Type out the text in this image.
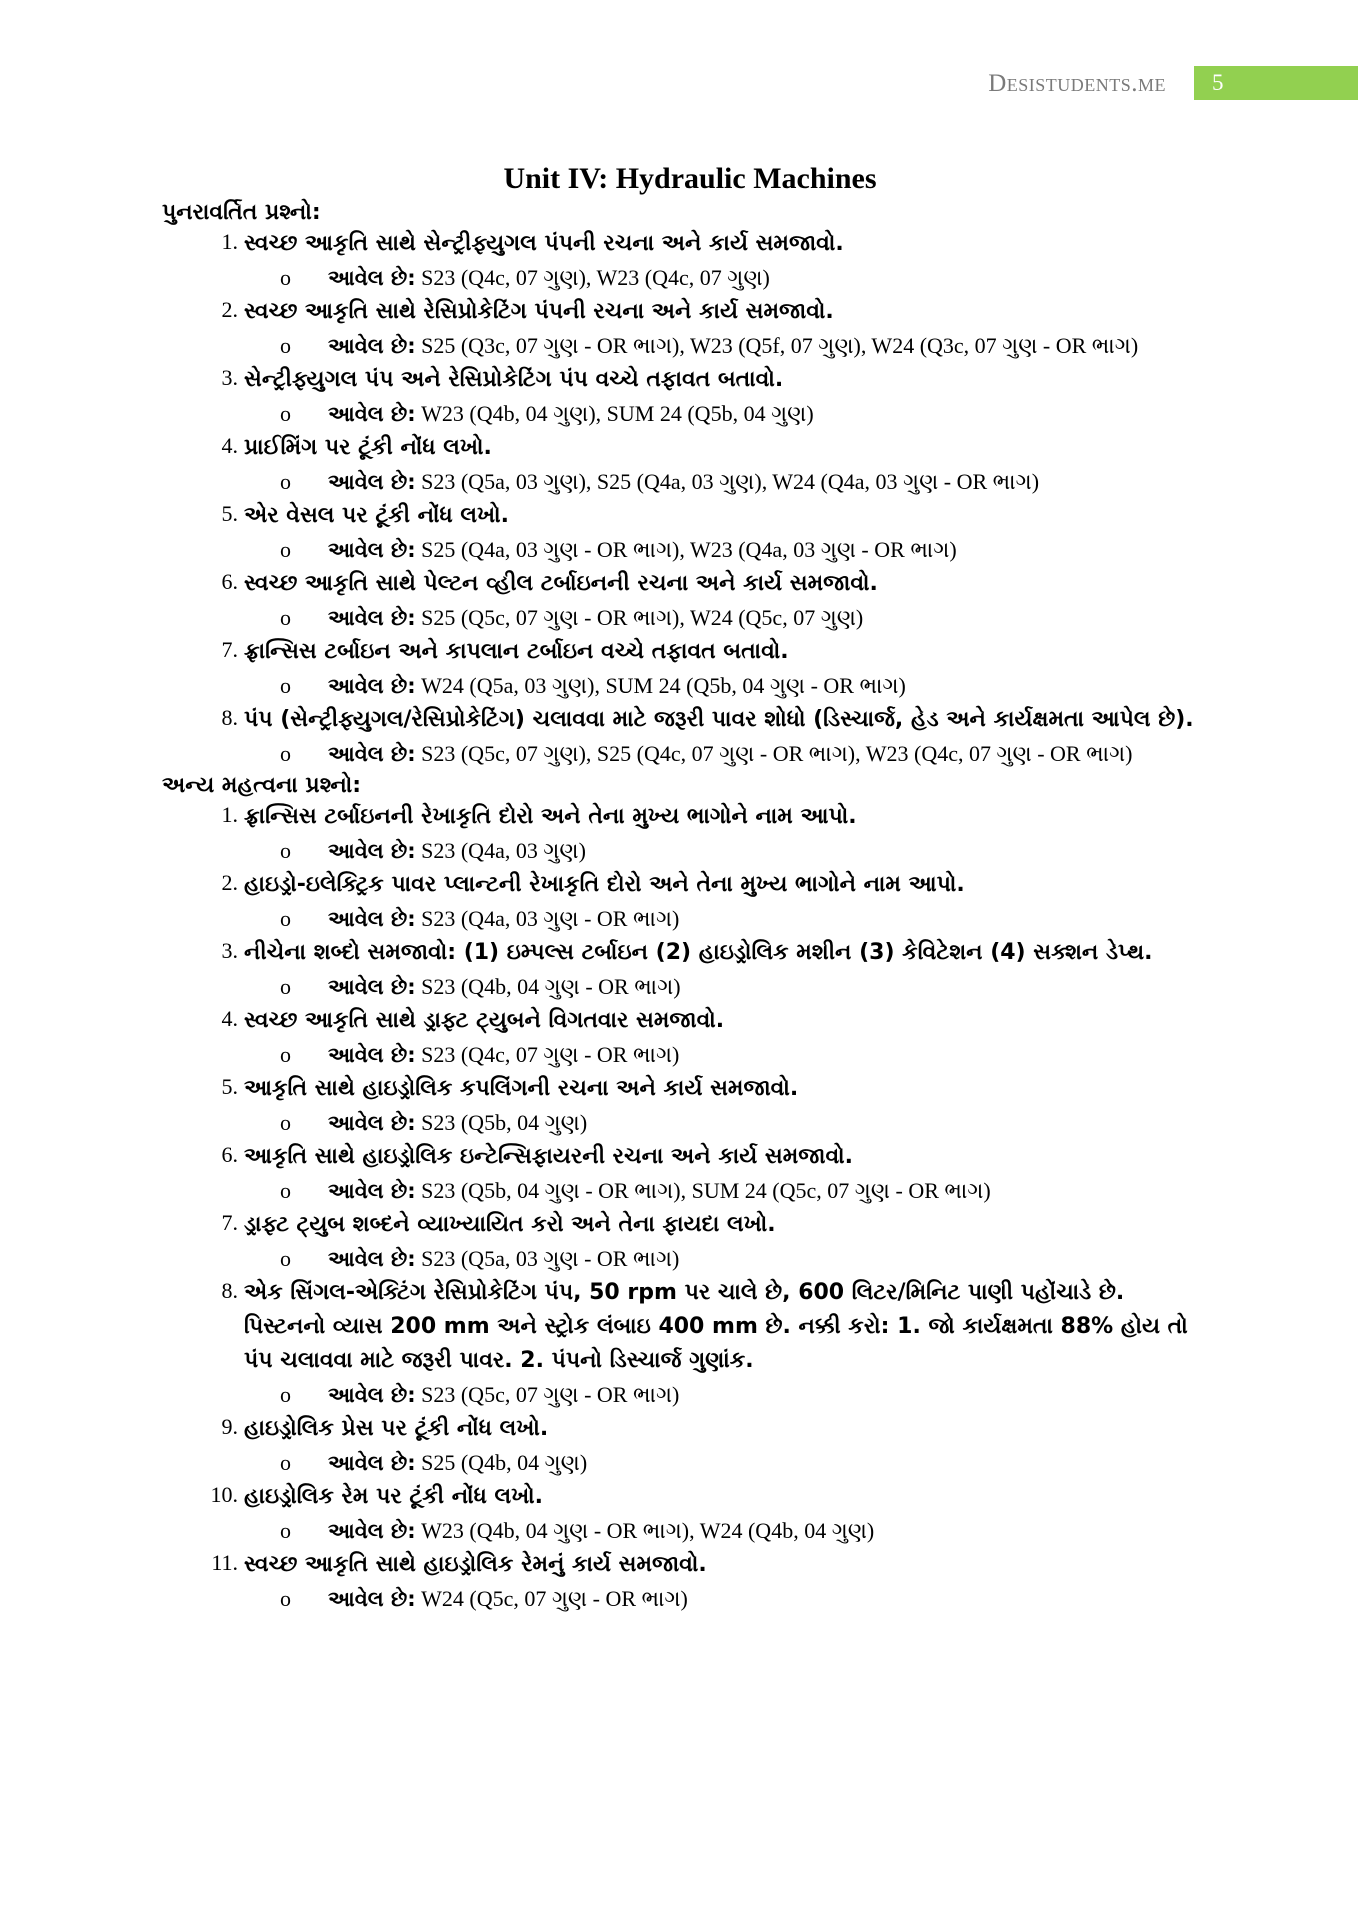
Desistudents.me	5
Unit IV: Hydraulic Machines
પુનરાવર્તિત પ્રશ્નો:
1. સ્વચ્છ આકૃતિ સાથે સેન્ટ્રીફ્યુગલ પંપની રચના અને કાર્ય સમજાવો.
o આવેલ છે: S23 (Q4c, 07 ગુણ), W23 (Q4c, 07 ગુણ)
2. સ્વચ્છ આકૃતિ સાથે રેસિપ્રોકેટિંગ પંપની રચના અને કાર્ય સમજાવો.
o આવેલ છે: S25 (Q3c, 07 ગુણ - OR ભાગ), W23 (Q5f, 07 ગુણ), W24 (Q3c, 07 ગુણ - OR ભાગ)
3. સેન્ટ્રીફ્યુગલ પંપ અને રેસિપ્રોકેટિંગ પંપ વચ્ચે તફાવત બતાવો.
o આવેલ છે: W23 (Q4b, 04 ગુણ), SUM 24 (Q5b, 04 ગુણ)
4. પ્રાઈમિંગ પર ટૂંકી નોંધ લખો.
o આવેલ છે: S23 (Q5a, 03 ગુણ), S25 (Q4a, 03 ગુણ), W24 (Q4a, 03 ગુણ - OR ભાગ)
5. એર વેસલ પર ટૂંકી નોંધ લખો.
o આવેલ છે: S25 (Q4a, 03 ગુણ - OR ભાગ), W23 (Q4a, 03 ગુણ - OR ભાગ)
6. સ્વચ્છ આકૃતિ સાથે પેલ્ટન વ્હીલ ટર્બાઇનની રચના અને કાર્ય સમજાવો.
o આવેલ છે: S25 (Q5c, 07 ગુણ - OR ભાગ), W24 (Q5c, 07 ગુણ)
7. ફ્રાન્સિસ ટર્બાઇન અને કાપલાન ટર્બાઇન વચ્ચે તફાવત બતાવો.
o આવેલ છે: W24 (Q5a, 03 ગુણ), SUM 24 (Q5b, 04 ગુણ - OR ભાગ)
8. પંપ (સેન્ટ્રીફ્યુગલ/રેસિપ્રોકેટિંગ) ચલાવવા માટે જરૂરી પાવર શોધો (ડિસ્ચાર્જ, હેડ અને કાર્યક્ષમતા આપેલ છે).
o આવેલ છે: S23 (Q5c, 07 ગુણ), S25 (Q4c, 07 ગુણ - OR ભાગ), W23 (Q4c, 07 ગુણ - OR ભાગ)
અન્ય મહત્વના પ્રશ્નો:
1. ફ્રાન્સિસ ટર્બાઇનની રેખાકૃતિ દોરો અને તેના મુખ્ય ભાગોને નામ આપો.
o આવેલ છે: S23 (Q4a, 03 ગુણ)
2. હાઇડ્રો-ઇલેક્ટ્રિક પાવર પ્લાન્ટની રેખાકૃતિ દોરો અને તેના મુખ્ય ભાગોને નામ આપો.
o આવેલ છે: S23 (Q4a, 03 ગુણ - OR ભાગ)
3. નીચેના શબ્દો સમજાવો: (1) ઇમ્પલ્સ ટર્બાઇન (2) હાઇડ્રોલિક મશીન (3) કેવિટેશન (4) સક્શન ડેપ્થ.
o આવેલ છે: S23 (Q4b, 04 ગુણ - OR ભાગ)
4. સ્વચ્છ આકૃતિ સાથે ડ્રાફ્ટ ટ્યુબને વિગતવાર સમજાવો.
o આવેલ છે: S23 (Q4c, 07 ગુણ - OR ભાગ)
5. આકૃતિ સાથે હાઇડ્રોલિક કપલિંગની રચના અને કાર્ય સમજાવો.
o આવેલ છે: S23 (Q5b, 04 ગુણ)
6. આકૃતિ સાથે હાઇડ્રોલિક ઇન્ટેન્સિફાયરની રચના અને કાર્ય સમજાવો.
o આવેલ છે: S23 (Q5b, 04 ગુણ - OR ભાગ), SUM 24 (Q5c, 07 ગુણ - OR ભાગ)
7. ડ્રાફ્ટ ટ્યુબ શબ્દને વ્યાખ્યાયિત કરો અને તેના ફાયદા લખો.
o આવેલ છે: S23 (Q5a, 03 ગુણ - OR ભાગ)
8. એક સિંગલ-એક્ટિંગ રેસિપ્રોકેટિંગ પંપ, 50 rpm પર ચાલે છે, 600 લિટર/મિનિટ પાણી પહોંચાડે છે. પિસ્ટનનો વ્યાસ 200 mm અને સ્ટ્રોક લંબાઇ 400 mm છે. નક્કી કરો: 1. જો કાર્યક્ષમતા 88% હોય તો પંપ ચલાવવા માટે જરૂરી પાવર. 2. પંપનો ડિસ્ચાર્જ ગુણાંક.
o આવેલ છે: S23 (Q5c, 07 ગુણ - OR ભાગ)
9. હાઇડ્રોલિક પ્રેસ પર ટૂંકી નોંધ લખો.
o આવેલ છે: S25 (Q4b, 04 ગુણ)
10. હાઇડ્રોલિક રેમ પર ટૂંકી નોંધ લખો.
o આવેલ છે: W23 (Q4b, 04 ગુણ - OR ભાગ), W24 (Q4b, 04 ગુણ)
11. સ્વચ્છ આકૃતિ સાથે હાઇડ્રોલિક રેમનું કાર્ય સમજાવો.
o આવેલ છે: W24 (Q5c, 07 ગુણ - OR ભાગ)
